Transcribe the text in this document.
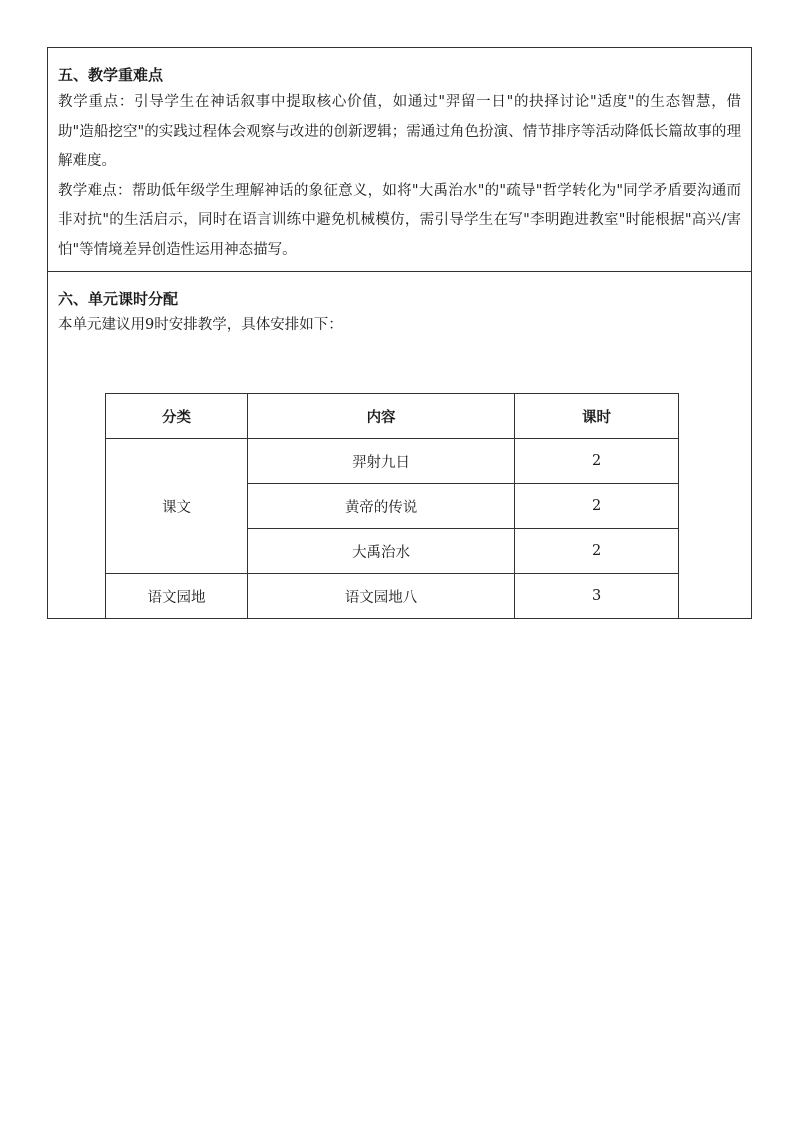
五、教学重难点

教学重点：引导学生在神话叙事中提取核心价值，如通过"羿留一日"的抉择讨论"适度"的生态智慧，借助"造船挖空"的实践过程体会观察与改进的创新逻辑；需通过角色扮演、情节排序等活动降低长篇故事的理解难度。

教学难点：帮助低年级学生理解神话的象征意义，如将"大禹治水"的"疏导"哲学转化为"同学矛盾要沟通而非对抗"的生活启示，同时在语言训练中避免机械模仿，需引导学生在写"李明跑进教室"时能根据"高兴/害怕"等情境差异创造性运用神态描写。

六、单元课时分配

本单元建议用9时安排教学，具体安排如下：

分类	内容	课时
课文	羿射九日	2
	黄帝的传说	2
	大禹治水	2
语文园地	语文园地八	3
